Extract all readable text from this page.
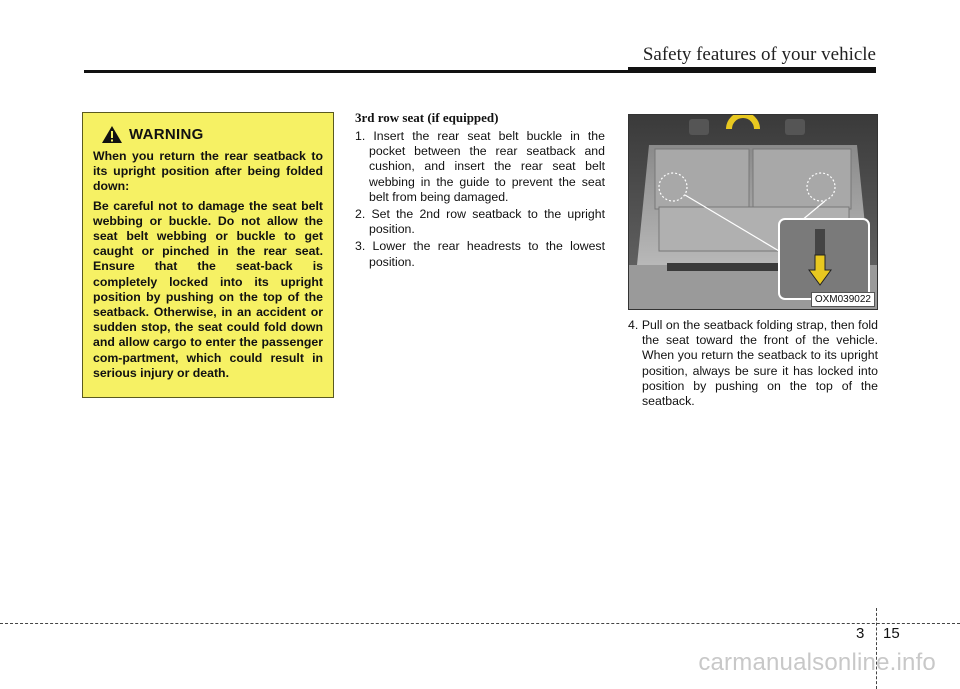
Safety features of your vehicle
WARNING

When you return the rear seatback to its upright position after being folded down:

Be careful not to damage the seat belt webbing or buckle. Do not allow the seat belt webbing or buckle to get caught or pinched in the rear seat. Ensure that the seat-back is completely locked into its upright position by pushing on the top of the seatback. Otherwise, in an accident or sudden stop, the seat could fold down and allow cargo to enter the passenger com-partment, which could result in serious injury or death.

3rd row seat (if equipped)
1. Insert the rear seat belt buckle in the pocket between the rear seatback and cushion, and insert the rear seat belt webbing in the guide to prevent the seat belt from being damaged.
2. Set the 2nd row seatback to the upright position.
3. Lower the rear headrests to the lowest position.
OXM039022
4. Pull on the seatback folding strap, then fold the seat toward the front of the vehicle. When you return the seatback to its upright position, always be sure it has locked into position by pushing on the top of the seatback.
3 15
carmanualsonline.info
